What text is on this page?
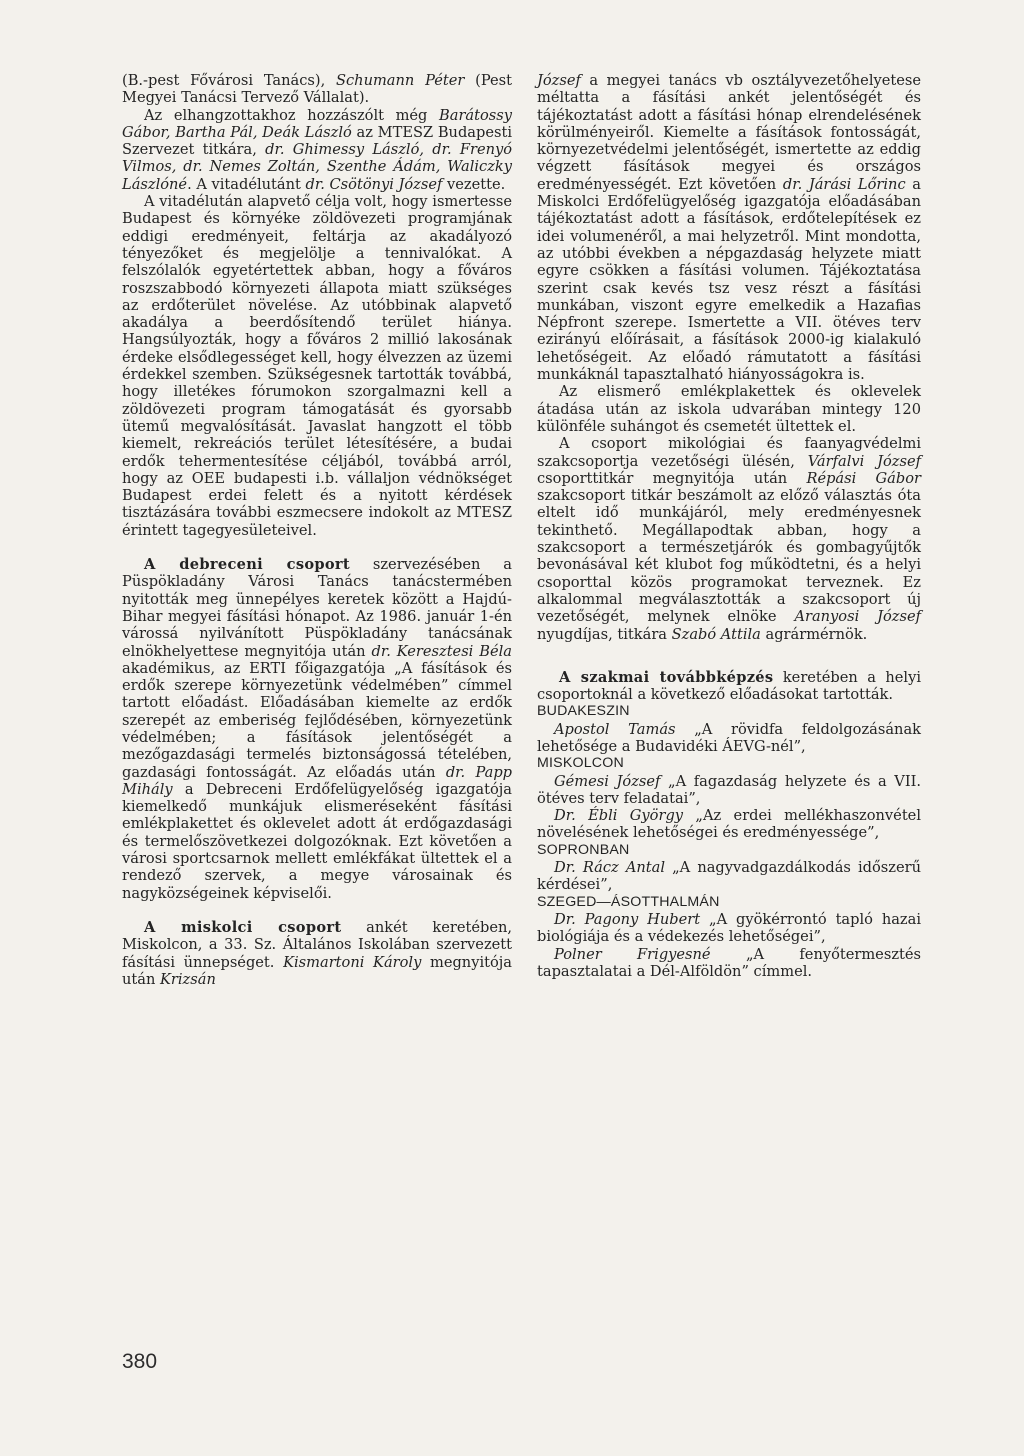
(B.-pest Fővárosi Tanács), Schumann Péter (Pest Megyei Tanácsi Tervező Vállalat).

Az elhangzottakhoz hozzászólt még Barátossy Gábor, Bartha Pál, Deák László az MTESZ Budapesti Szervezet titkára, dr. Ghimessy László, dr. Frenyó Vilmos, dr. Nemes Zoltán, Szenthe Ádám, Waliczky Lászlóné. A vitadélutánt dr. Csötönyi József vezette.

A vitadélután alapvető célja volt, hogy ismertesse Budapest és környéke zöldövezeti programjának eddigi eredményeit, feltárja az akadályozó tényezőket és megjelölje a tennivalókat. A felszólalók egyetértettek abban, hogy a főváros roszszabbodó környezeti állapota miatt szükséges az erdőterület növelése. Az utóbbinak alapvető akadálya a beerdősítendő terület hiánya. Hangsúlyozták, hogy a főváros 2 millió lakosának érdeke elsődlegességet kell, hogy élvezzen az üzemi érdekkel szemben. Szükségesnek tartották továbbá, hogy illetékes fórumokon szorgalmazni kell a zöldövezeti program támogatását és gyorsabb ütemű megvalósítását. Javaslat hangzott el több kiemelt, rekreációs terület létesítésére, a budai erdők tehermentesítése céljából, továbbá arról, hogy az OEE budapesti i.b. vállaljon védnökséget Budapest erdei felett és a nyitott kérdések tisztázására további eszmecsere indokolt az MTESZ érintett tagegyesületeivel.

A debreceni csoport szervezésében a Püspökladány Városi Tanács tanácstermében nyitották meg ünnepélyes keretek között a Hajdú-Bihar megyei fásítási hónapot. Az 1986. január 1-én várossá nyilvánított Püspökladány tanácsának elnökhelyettese megnyitója után dr. Keresztesi Béla akadémikus, az ERTI főigazgatója „A fásítások és erdők szerepe környezetünk védelmében” címmel tartott előadást. Előadásában kiemelte az erdők szerepét az emberiség fejlődésében, környezetünk védelmében; a fásítások jelentőségét a mezőgazdasági termelés biztonságossá tételében, gazdasági fontosságát. Az előadás után dr. Papp Mihály a Debreceni Erdőfelügyelőség igazgatója kiemelkedő munkájuk elismeréseként fásítási emlékplakettet és oklevelet adott át erdőgazdasági és termelőszövetkezei dolgozóknak. Ezt követően a városi sportcsarnok mellett emlékfákat ültettek el a rendező szervek, a megye városainak és nagyközségeinek képviselői.

A miskolci csoport ankét keretében, Miskolcon, a 33. Sz. Általános Iskolában szervezett fásítási ünnepséget. Kismartoni Károly megnyitója után Krizsán

József a megyei tanács vb osztályvezetőhelyetese méltatta a fásítási ankét jelentőségét és tájékoztatást adott a fásítási hónap elrendelésének körülményeiről. Kiemelte a fásítások fontosságát, környezetvédelmi jelentőségét, ismertette az eddig végzett fásítások megyei és országos eredményességét. Ezt követően dr. Járási Lőrinc a Miskolci Erdőfelügyelőség igazgatója előadásában tájékoztatást adott a fásítások, erdőtelepítések ez idei volumenéről, a mai helyzetről. Mint mondotta, az utóbbi években a népgazdaság helyzete miatt egyre csökken a fásítási volumen. Tájékoztatása szerint csak kevés tsz vesz részt a fásítási munkában, viszont egyre emelkedik a Hazafias Népfront szerepe. Ismertette a VII. ötéves terv ezirányú előírásait, a fásítások 2000-ig kialakuló lehetőségeit. Az előadó rámutatott a fásítási munkáknál tapasztalható hiányosságokra is.

Az elismerő emlékplakettek és oklevelek átadása után az iskola udvarában mintegy 120 különféle suhángot és csemetét ültettek el.

A csoport mikológiai és faanyagvédelmi szakcsoportja vezetőségi ülésén, Várfalvi József csoporttitkár megnyitója után Répási Gábor szakcsoport titkár beszámolt az előző választás óta eltelt idő munkájáról, mely eredményesnek tekinthető. Megállapodtak abban, hogy a szakcsoport a természetjárók és gombagyűjtők bevonásával két klubot fog működtetni, és a helyi csoporttal közös programokat terveznek. Ez alkalommal megválasztották a szakcsoport új vezetőségét, melynek elnöke Aranyosi József nyugdíjas, titkára Szabó Attila agrármérnök.

A szakmai továbbképzés keretében a helyi csoportoknál a következő előadásokat tartották.

BUDAKESZIN

Apostol Tamás „A rövidfa feldolgozásának lehetősége a Budavidéki ÁEVG-nél”,

MISKOLCON

Gémesi József „A fagazdaság helyzete és a VII. ötéves terv feladatai”,

Dr. Ébli György „Az erdei mellékhaszonvétel növelésének lehetőségei és eredményessége”,

SOPRONBAN

Dr. Rácz Antal „A nagyvadgazdálkodás időszerű kérdései”,

SZEGED—ÁSOTTHALMÁN

Dr. Pagony Hubert „A gyökérrontó tapló hazai biológiája és a védekezés lehetőségei”,

Polner Frigyesné „A fenyőtermesztés tapasztalatai a Dél-Alföldön” címmel.

380
